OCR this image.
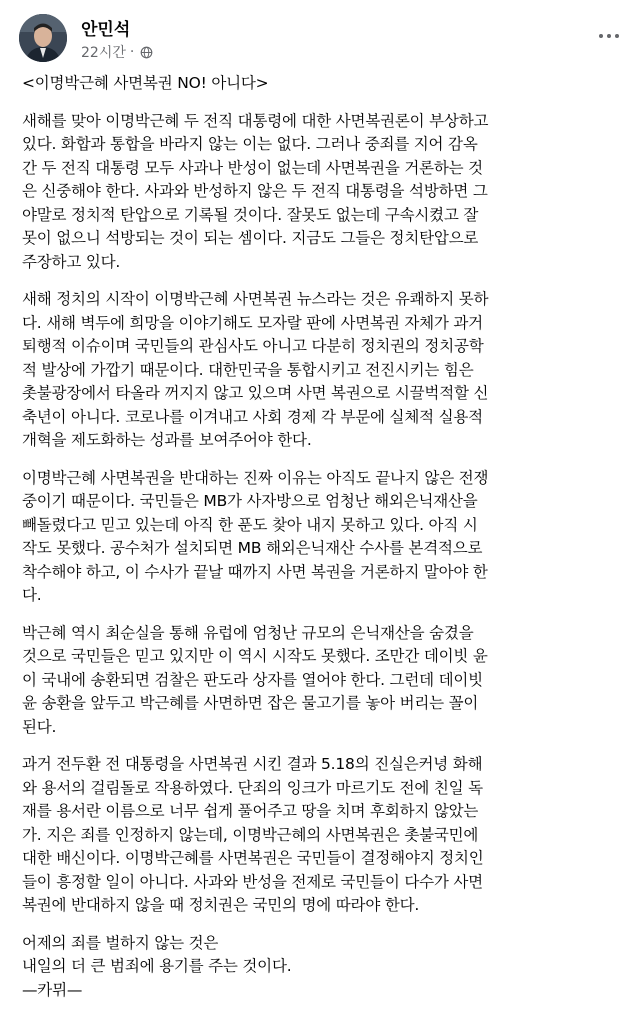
안민석
22시간 ·

<이명박근혜 사면복권 NO! 아니다>

새해를 맞아 이명박근혜 두 전직 대통령에 대한 사면복권론이 부상하고
있다. 화합과 통합을 바라지 않는 이는 없다. 그러나 중죄를 지어 감옥
간 두 전직 대통령 모두 사과나 반성이 없는데 사면복권을 거론하는 것
은 신중해야 한다. 사과와 반성하지 않은 두 전직 대통령을 석방하면 그
야말로 정치적 탄압으로 기록될 것이다. 잘못도 없는데 구속시켰고 잘
못이 없으니 석방되는 것이 되는 셈이다. 지금도 그들은 정치탄압으로
주장하고 있다.

새해 정치의 시작이 이명박근혜 사면복권 뉴스라는 것은 유쾌하지 못하
다. 새해 벽두에 희망을 이야기해도 모자랄 판에 사면복권 자체가 과거
퇴행적 이슈이며 국민들의 관심사도 아니고 다분히 정치권의 정치공학
적 발상에 가깝기 때문이다. 대한민국을 통합시키고 전진시키는 힘은
촛불광장에서 타올라 꺼지지 않고 있으며 사면 복권으로 시끌벅적할 신
축년이 아니다. 코로나를 이겨내고 사회 경제 각 부문에 실체적 실용적
개혁을 제도화하는 성과를 보여주어야 한다.

이명박근혜 사면복권을 반대하는 진짜 이유는 아직도 끝나지 않은 전쟁
중이기 때문이다. 국민들은 MB가 사자방으로 엄청난 해외은닉재산을
빼돌렸다고 믿고 있는데 아직 한 푼도 찾아 내지 못하고 있다. 아직 시
작도 못했다. 공수처가 설치되면 MB 해외은닉재산 수사를 본격적으로
착수해야 하고, 이 수사가 끝날 때까지 사면 복권을 거론하지 말아야 한
다.

박근혜 역시 최순실을 통해 유럽에 엄청난 규모의 은닉재산을 숨겼을
것으로 국민들은 믿고 있지만 이 역시 시작도 못했다. 조만간 데이빗 윤
이 국내에 송환되면 검찰은 판도라 상자를 열어야 한다. 그런데 데이빗
윤 송환을 앞두고 박근혜를 사면하면 잡은 물고기를 놓아 버리는 꼴이
된다.

과거 전두환 전 대통령을 사면복권 시킨 결과 5.18의 진실은커녕 화해
와 용서의 걸림돌로 작용하였다. 단죄의 잉크가 마르기도 전에 친일 독
재를 용서란 이름으로 너무 쉽게 풀어주고 땅을 치며 후회하지 않았는
가. 지은 죄를 인정하지 않는데, 이명박근혜의 사면복권은 촛불국민에
대한 배신이다. 이명박근혜를 사면복권은 국민들이 결정해야지 정치인
들이 흥정할 일이 아니다. 사과와 반성을 전제로 국민들이 다수가 사면
복권에 반대하지 않을 때 정치권은 국민의 명에 따라야 한다.

어제의 죄를 벌하지 않는 것은
내일의 더 큰 범죄에 용기를 주는 것이다.
—카뮈—
